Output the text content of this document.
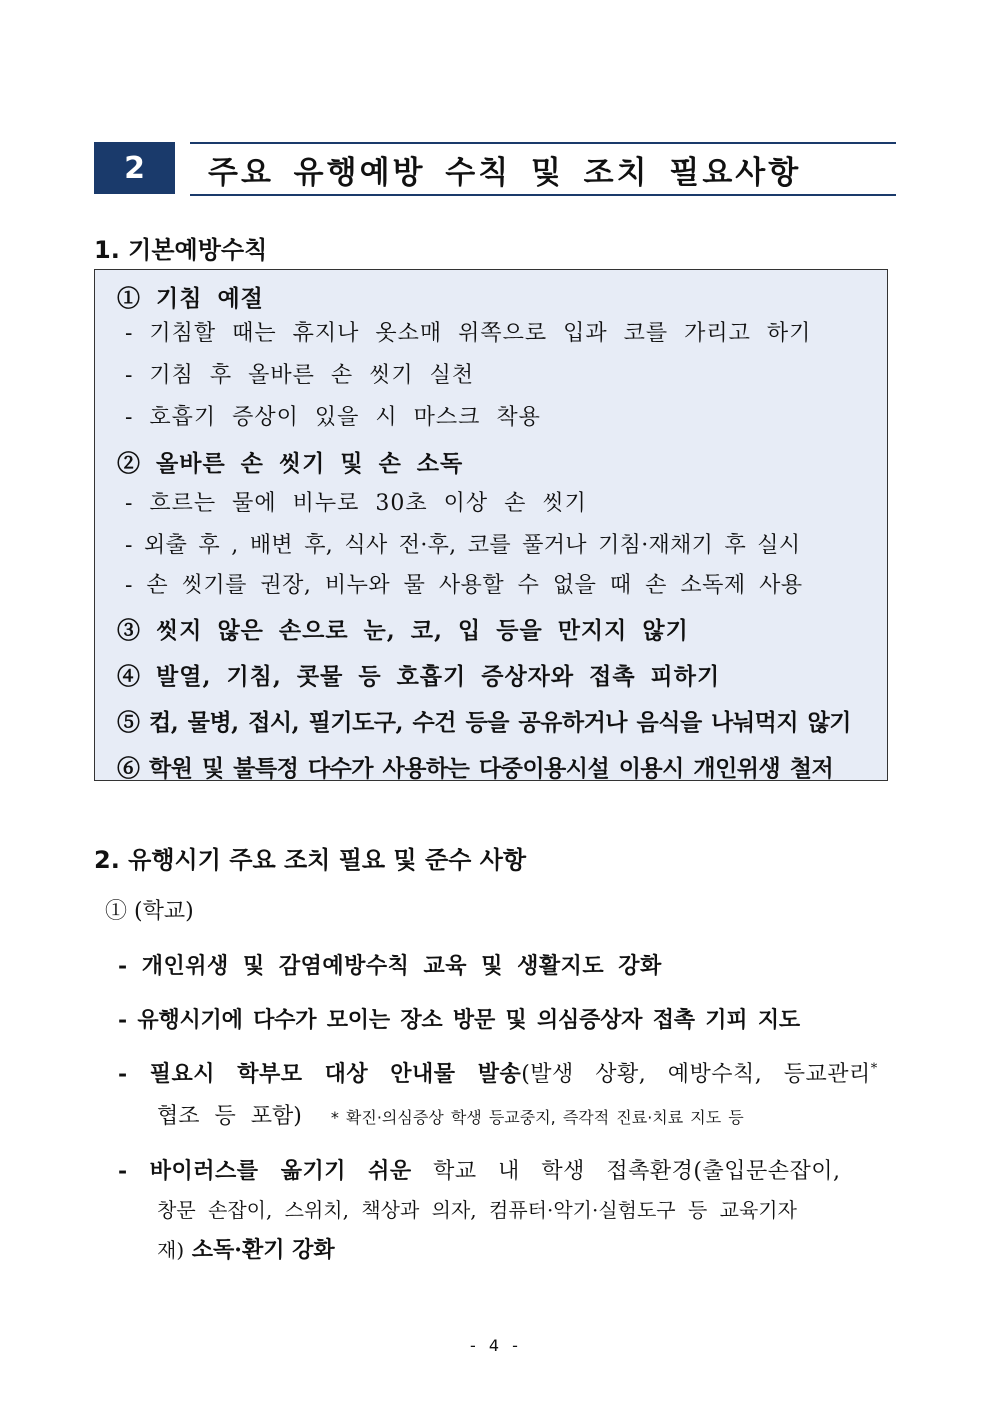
2	주요 유행예방 수칙 및 조치 필요사항
1. 기본예방수칙
① 기침 예절
- 기침할 때는 휴지나 옷소매 위쪽으로 입과 코를 가리고 하기
- 기침 후 올바른 손 씻기 실천
- 호흡기 증상이 있을 시 마스크 착용
② 올바른 손 씻기 및 손 소독
- 흐르는 물에 비누로 30초 이상 손 씻기
- 외출 후 , 배변 후, 식사 전·후, 코를 풀거나 기침·재채기 후 실시
- 손 씻기를 권장, 비누와 물 사용할 수 없을 때 손 소독제 사용
③ 씻지 않은 손으로 눈, 코, 입 등을 만지지 않기
④ 발열, 기침, 콧물 등 호흡기 증상자와 접촉 피하기
⑤ 컵, 물병, 접시, 필기도구, 수건 등을 공유하거나 음식을 나눠먹지 않기
⑥ 학원 및 불특정 다수가 사용하는 다중이용시설 이용시 개인위생 철저
2. 유행시기 주요 조치 필요 및 준수 사항
① (학교)
- 개인위생 및 감염예방수칙 교육 및 생활지도 강화
- 유행시기에 다수가 모이는 장소 방문 및 의심증상자 접촉 기피 지도
- 필요시 학부모 대상 안내물 발송(발생 상황, 예방수칙, 등교관리*
협조 등 포함) * 확진·의심증상 학생 등교중지, 즉각적 진료·치료 지도 등
- 바이러스를 옮기기 쉬운 학교 내 학생 접촉환경(출입문손잡이,
창문 손잡이, 스위치, 책상과 의자, 컴퓨터·악기·실험도구 등 교육기자
재) 소독·환기 강화
- 4 -
